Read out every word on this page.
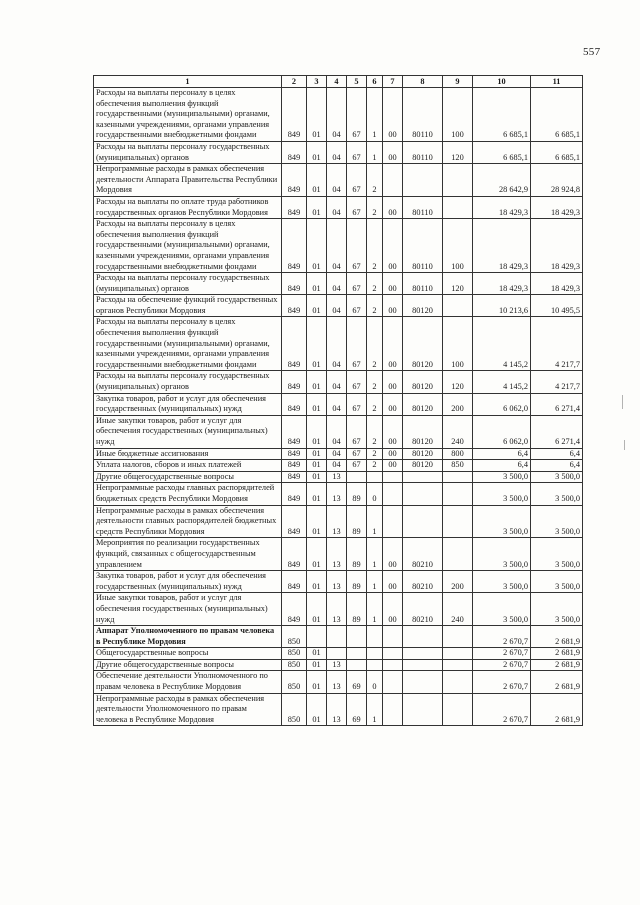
557
1	2	3	4	5	6	7	8	9	10	11
Расходы на выплаты персоналу в целях обеспечения выполнения функций государственными (муниципальными) органами, казенными учреждениями, органами управления государственными внебюджетными фондами	849	01	04	67	1	00	80110	100	6 685,1	6 685,1
Расходы на выплаты персоналу государственных (муниципальных) органов	849	01	04	67	1	00	80110	120	6 685,1	6 685,1
Непрограммные расходы в рамках обеспечения деятельности Аппарата Правительства Республики Мордовия	849	01	04	67	2				28 642,9	28 924,8
Расходы на выплаты по оплате труда работников государственных органов Республики Мордовия	849	01	04	67	2	00	80110		18 429,3	18 429,3
Расходы на выплаты персоналу в целях обеспечения выполнения функций государственными (муниципальными) органами, казенными учреждениями, органами управления государственными внебюджетными фондами	849	01	04	67	2	00	80110	100	18 429,3	18 429,3
Расходы на выплаты персоналу государственных (муниципальных) органов	849	01	04	67	2	00	80110	120	18 429,3	18 429,3
Расходы на обеспечение функций государственных органов Республики Мордовия	849	01	04	67	2	00	80120		10 213,6	10 495,5
Расходы на выплаты персоналу в целях обеспечения выполнения функций государственными (муниципальными) органами, казенными учреждениями, органами управления государственными внебюджетными фондами	849	01	04	67	2	00	80120	100	4 145,2	4 217,7
Расходы на выплаты персоналу государственных (муниципальных) органов	849	01	04	67	2	00	80120	120	4 145,2	4 217,7
Закупка товаров, работ и услуг для обеспечения государственных (муниципальных) нужд	849	01	04	67	2	00	80120	200	6 062,0	6 271,4
Иные закупки товаров, работ и услуг для обеспечения государственных (муниципальных) нужд	849	01	04	67	2	00	80120	240	6 062,0	6 271,4
Иные бюджетные ассигнования	849	01	04	67	2	00	80120	800	6,4	6,4
Уплата налогов, сборов и иных платежей	849	01	04	67	2	00	80120	850	6,4	6,4
Другие общегосударственные вопросы	849	01	13						3 500,0	3 500,0
Непрограммные расходы главных распорядителей бюджетных средств Республики Мордовия	849	01	13	89	0				3 500,0	3 500,0
Непрограммные расходы в рамках обеспечения деятельности главных распорядителей бюджетных средств Республики Мордовия	849	01	13	89	1				3 500,0	3 500,0
Мероприятия по реализации государственных функций, связанных с общегосударственным управлением	849	01	13	89	1	00	80210		3 500,0	3 500,0
Закупка товаров, работ и услуг для обеспечения государственных (муниципальных) нужд	849	01	13	89	1	00	80210	200	3 500,0	3 500,0
Иные закупки товаров, работ и услуг для обеспечения государственных (муниципальных) нужд	849	01	13	89	1	00	80210	240	3 500,0	3 500,0
Аппарат Уполномоченного по правам человека в Республике Мордовия	850								2 670,7	2 681,9
Общегосударственные вопросы	850	01							2 670,7	2 681,9
Другие общегосударственные вопросы	850	01	13						2 670,7	2 681,9
Обеспечение деятельности Уполномоченного по правам человека в Республике Мордовия	850	01	13	69	0				2 670,7	2 681,9
Непрограммные расходы в рамках обеспечения деятельности Уполномоченного по правам человека в Республике Мордовия	850	01	13	69	1				2 670,7	2 681,9
